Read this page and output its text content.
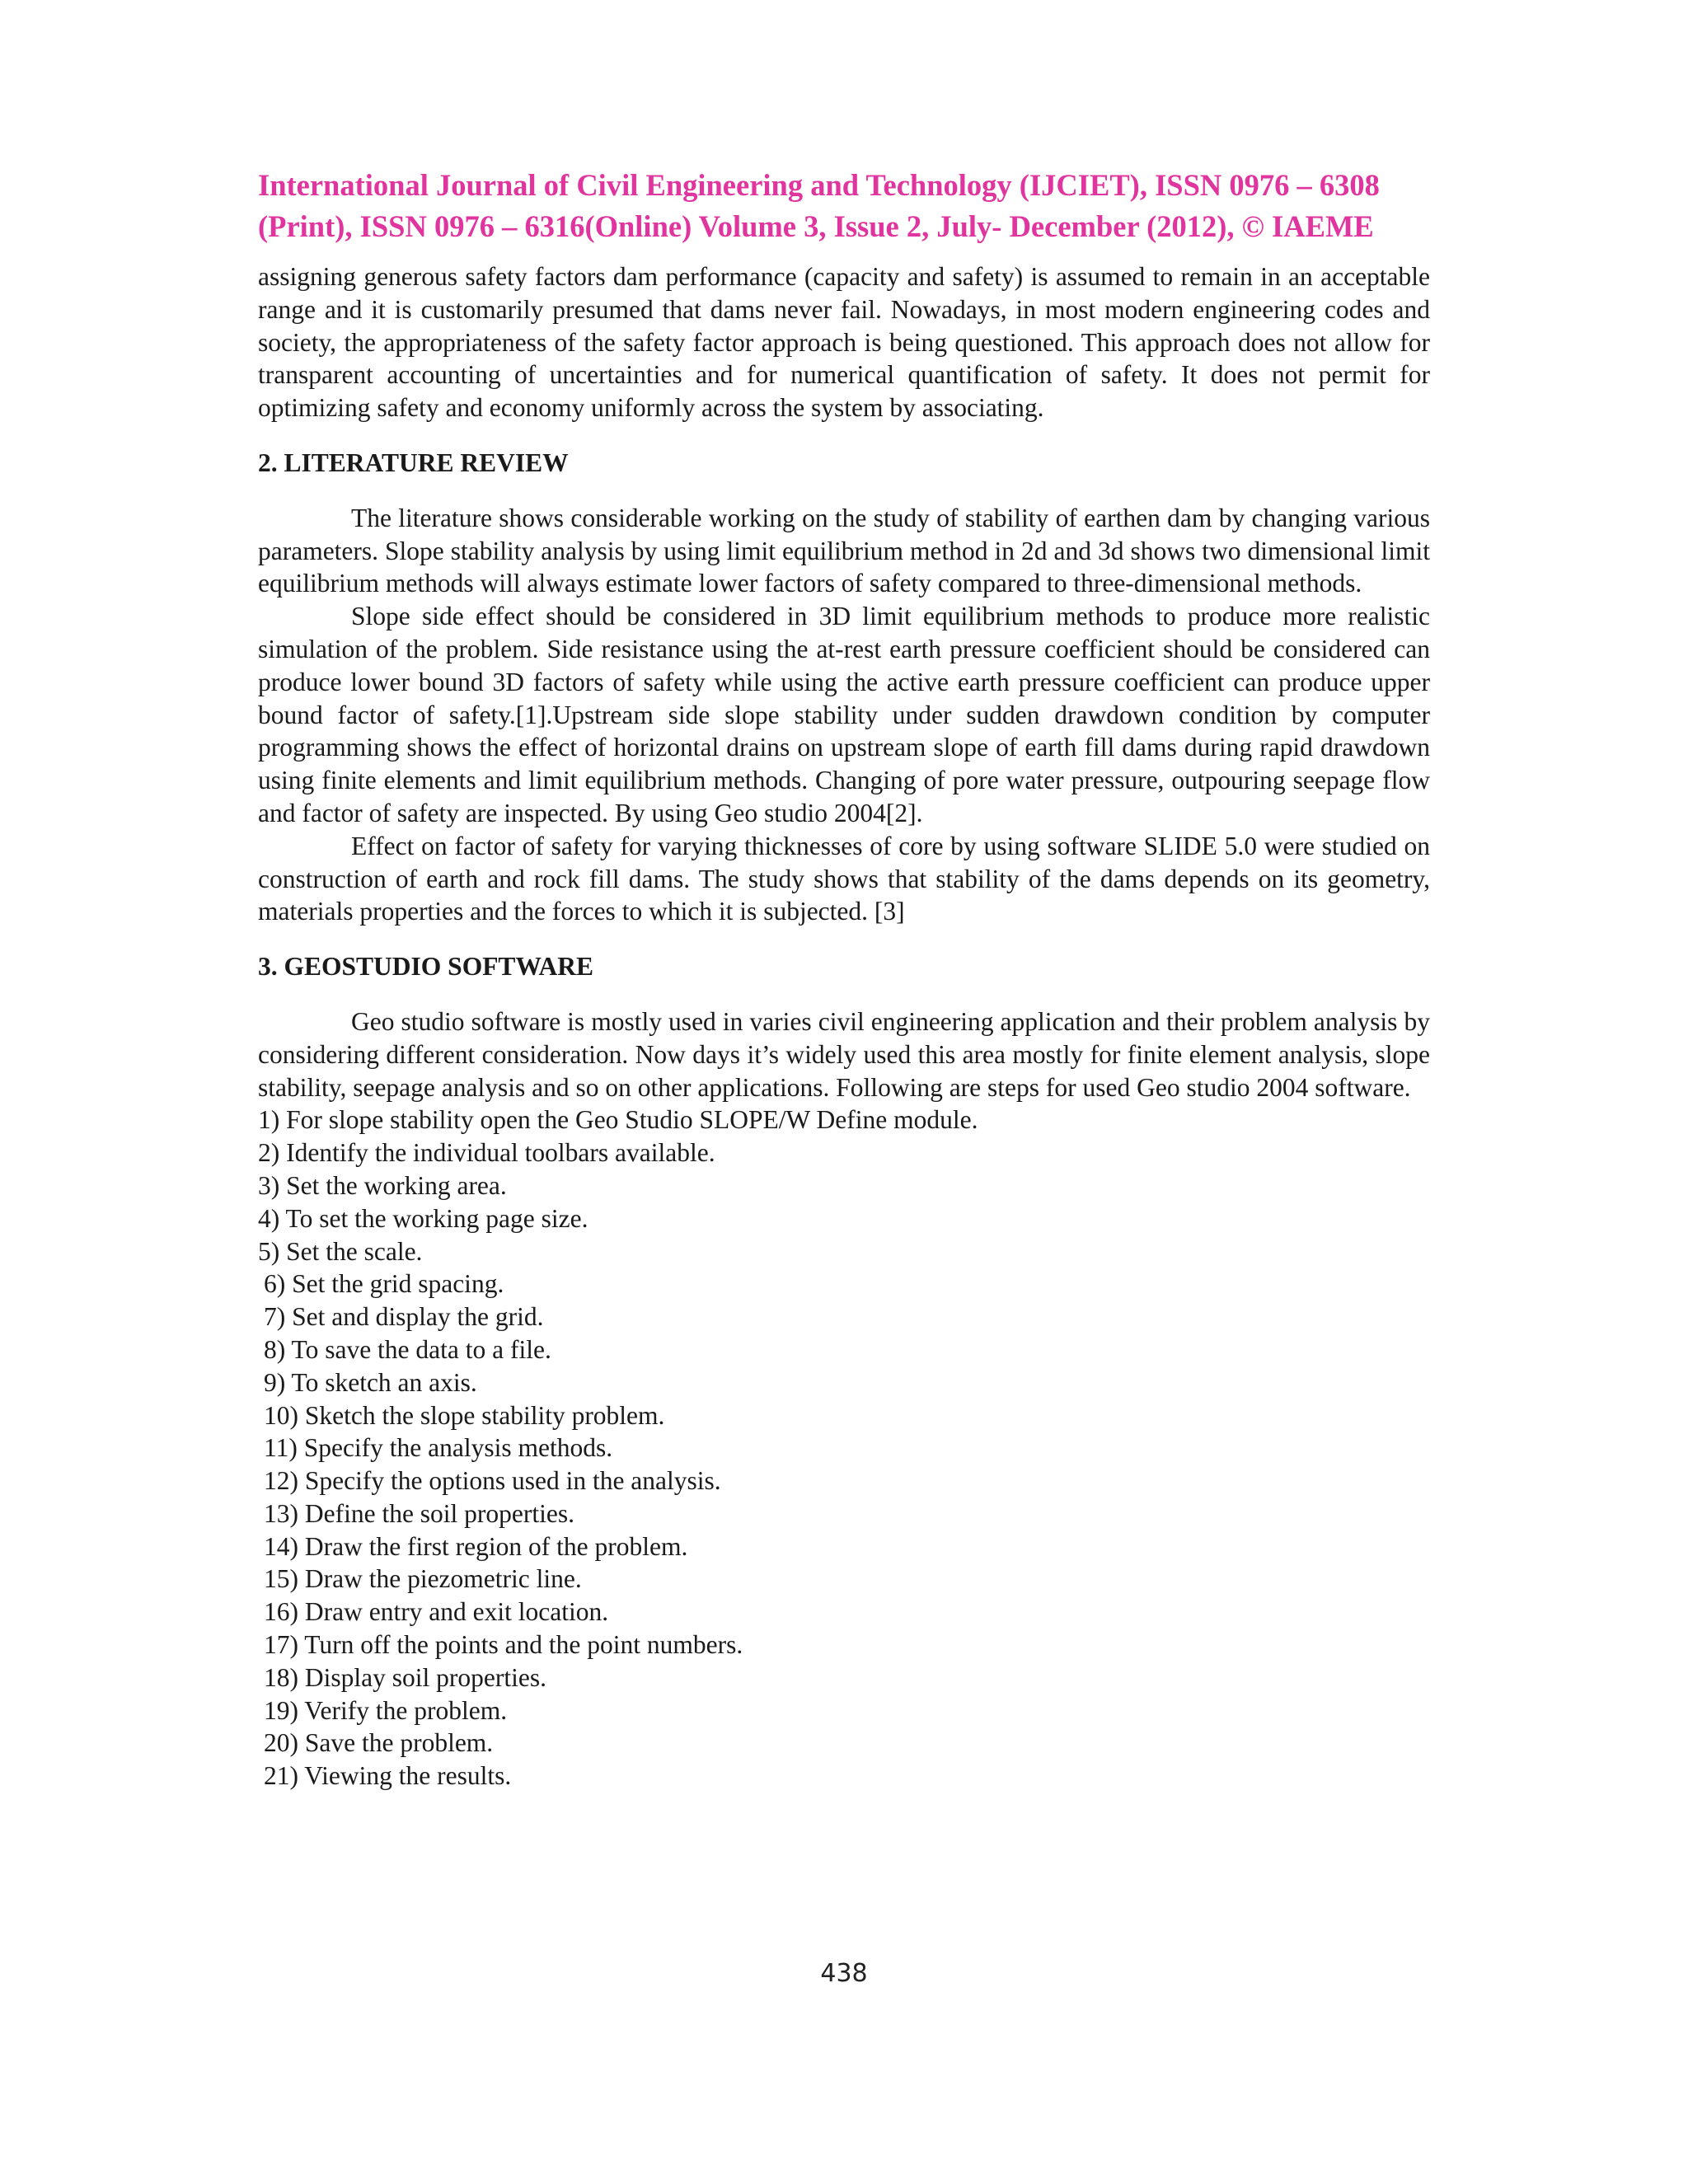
International Journal of Civil Engineering and Technology (IJCIET), ISSN 0976 – 6308
(Print), ISSN 0976 – 6316(Online) Volume 3, Issue 2, July- December (2012), © IAEME

assigning generous safety factors dam performance (capacity and safety) is assumed to remain in an acceptable range and it is customarily presumed that dams never fail. Nowadays, in most modern engineering codes and society, the appropriateness of the safety factor approach is being questioned. This approach does not allow for transparent accounting of uncertainties and for numerical quantification of safety. It does not permit for optimizing safety and economy uniformly across the system by associating.

2. LITERATURE REVIEW

The literature shows considerable working on the study of stability of earthen dam by changing various parameters. Slope stability analysis by using limit equilibrium method in 2d and 3d shows two dimensional limit equilibrium methods will always estimate lower factors of safety compared to three-dimensional methods.

Slope side effect should be considered in 3D limit equilibrium methods to produce more realistic simulation of the problem. Side resistance using the at-rest earth pressure coefficient should be considered can produce lower bound 3D factors of safety while using the active earth pressure coefficient can produce upper bound factor of safety.[1].Upstream side slope stability under sudden drawdown condition by computer programming shows the effect of horizontal drains on upstream slope of earth fill dams during rapid drawdown using finite elements and limit equilibrium methods. Changing of pore water pressure, outpouring seepage flow and factor of safety are inspected. By using Geo studio 2004[2].

Effect on factor of safety for varying thicknesses of core by using software SLIDE 5.0 were studied on construction of earth and rock fill dams. The study shows that stability of the dams depends on its geometry, materials properties and the forces to which it is subjected. [3]

3. GEOSTUDIO SOFTWARE

Geo studio software is mostly used in varies civil engineering application and their problem analysis by considering different consideration. Now days it’s widely used this area mostly for finite element analysis, slope stability, seepage analysis and so on other applications. Following are steps for used Geo studio 2004 software.

1) For slope stability open the Geo Studio SLOPE/W Define module.
2) Identify the individual toolbars available.
3) Set the working area.
4) To set the working page size.
5) Set the scale.
6) Set the grid spacing.
7) Set and display the grid.
8) To save the data to a file.
9) To sketch an axis.
10) Sketch the slope stability problem.
11) Specify the analysis methods.
12) Specify the options used in the analysis.
13) Define the soil properties.
14) Draw the first region of the problem.
15) Draw the piezometric line.
16) Draw entry and exit location.
17) Turn off the points and the point numbers.
18) Display soil properties.
19) Verify the problem.
20) Save the problem.
21) Viewing the results.
438
